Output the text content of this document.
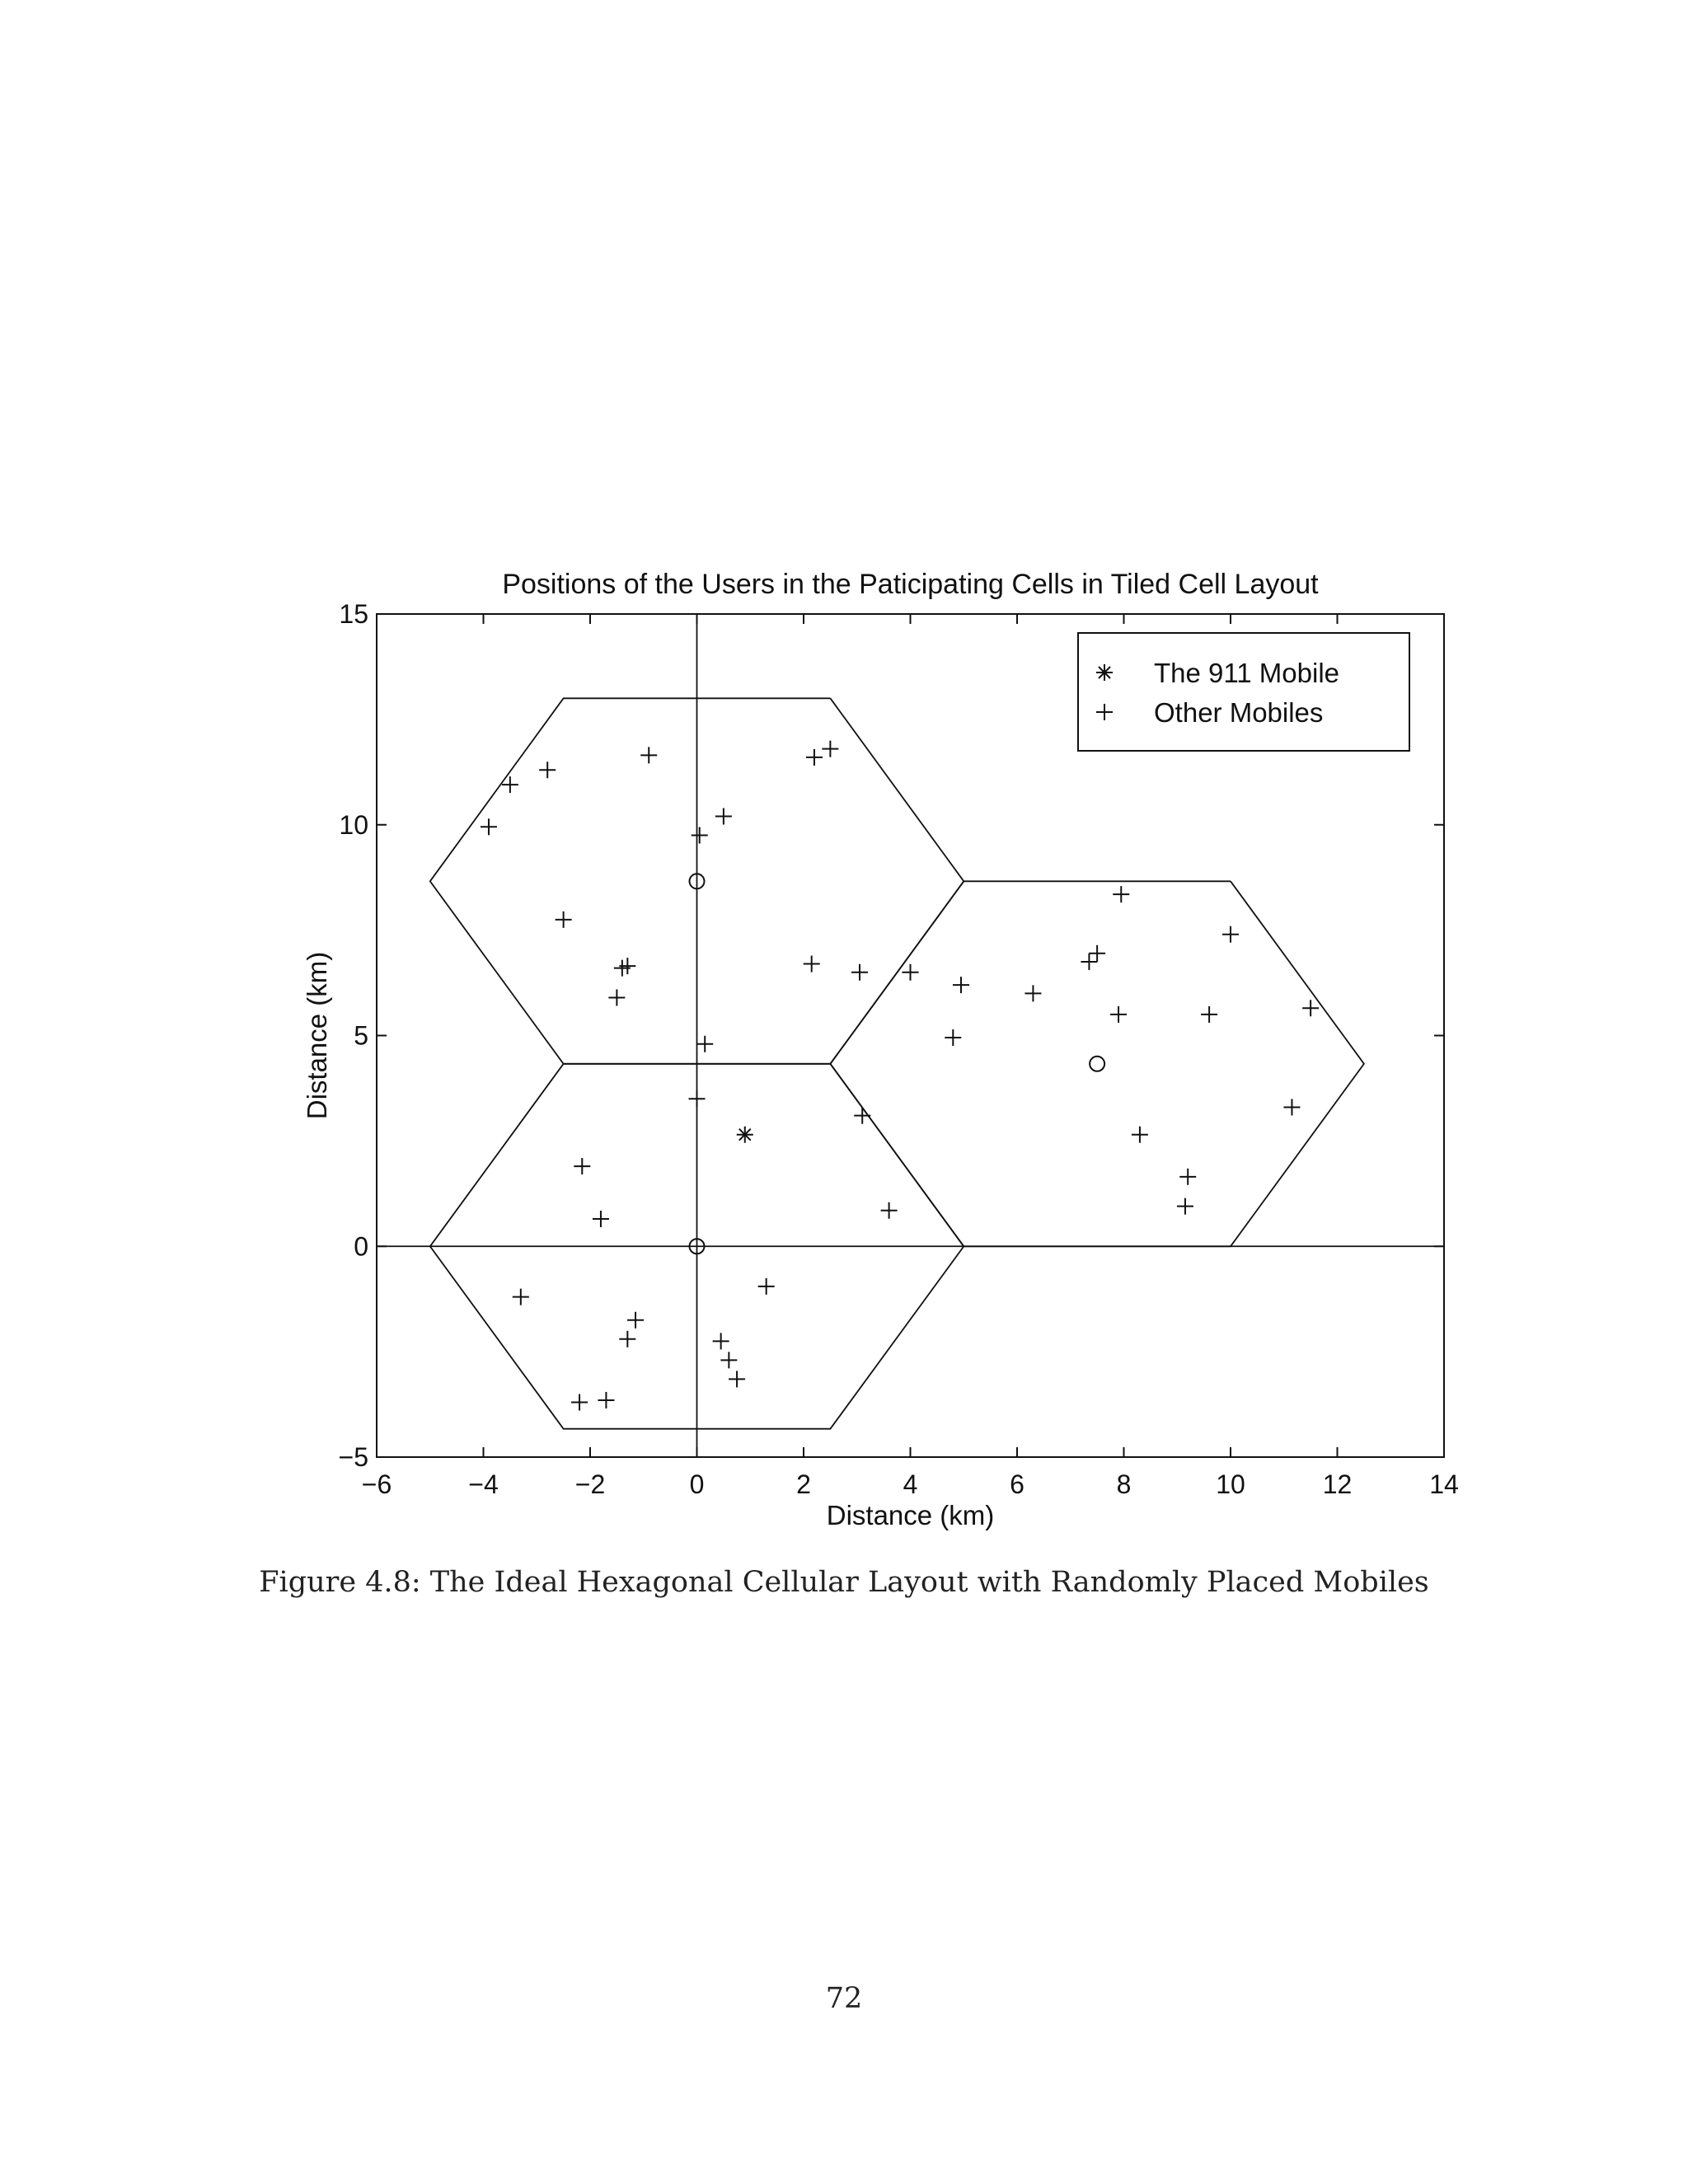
−6	−4	−2	0	2	4	6	8	10	12	14
−5
0
5
10
15
The 911 Mobile
Other Mobiles
Positions of the Users in the Paticipating Cells in Tiled Cell Layout
Distance (km)
Distance (km)
Figure 4.8: The Ideal Hexagonal Cellular Layout with Randomly Placed Mobiles
72
